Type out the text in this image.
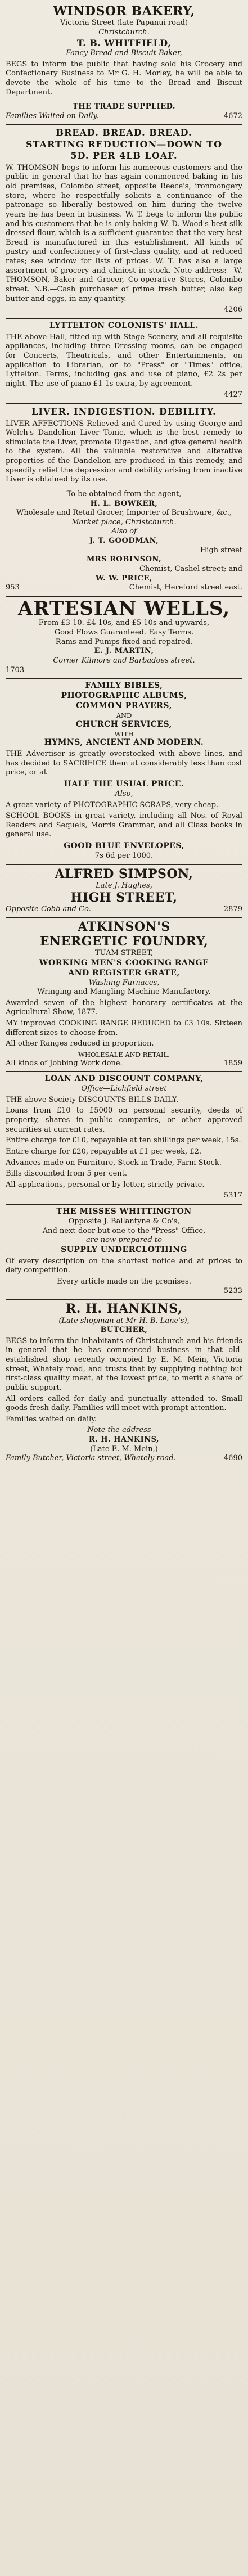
WINDSOR BAKERY,
Victoria Street (late Papanui road)
Christchurch.
T. B. WHITFIELD,
Fancy Bread and Biscuit Baker,
BEGS to inform the public that having sold his Grocery and Confectionery Business to Mr G. H. Morley, he will be able to devote the whole of his time to the Bread and Biscuit Department.
THE TRADE SUPPLIED.
Families Waited on Daily.	4672
BREAD. BREAD. BREAD.
STARTING REDUCTION—DOWN TO
5D. PER 4LB LOAF.
W. THOMSON begs to inform his numerous customers and the public in general that he has again commenced baking in his old premises, Colombo street, opposite Reece's, ironmongery store, where he respectfully solicits a continuance of the patronage so liberally bestowed on him during the twelve years he has been in business. W. T. begs to inform the public and his customers that he is only baking W. D. Wood's best silk dressed flour, which is a sufficient guarantee that the very best Bread is manufactured in this establishment. All kinds of pastry and confectionery of first-class quality, and at reduced rates; see window for lists of prices. W. T. has also a large assortment of grocery and cliniest in stock. Note address:—W. THOMSON, Baker and Grocer, Co-operative Stores, Colombo street. N.B.—Cash purchaser of prime fresh butter, also keg butter and eggs, in any quantity.
4206
LYTTELTON COLONISTS' HALL.
THE above Hall, fitted up with Stage Scenery, and all requisite appliances, including three Dressing rooms, can be engaged for Concerts, Theatricals, and other Entertainments, on application to Librarian, or to "Press" or "Times" office, Lyttelton. Terms, including gas and use of piano, £2 2s per night. The use of piano £1 1s extra, by agreement.
4427
LIVER. INDIGESTION. DEBILITY.
LIVER AFFECTIONS Relieved and Cured by using George and Welch's Dandelion Liver Tonic, which is the best remedy to stimulate the Liver, promote Digestion, and give general health to the system. All the valuable restorative and alterative properties of the Dandelion are produced in this remedy, and speedily relief the depression and debility arising from inactive Liver is obtained by its use.
To be obtained from the agent,
H. L. BOWKER,
Wholesale and Retail Grocer, Importer of Brushware, &c.,
Market place, Christchurch.
Also of
J. T. GOODMAN,
High street
MRS ROBINSON,
Chemist, Cashel street; and
W. W. PRICE,
953	Chemist, Hereford street east.
ARTESIAN WELLS,
From £3 10. £4 10s, and £5 10s and upwards,
Good Flows Guaranteed. Easy Terms.
Rams and Pumps fixed and repaired.
E. J. MARTIN,
Corner Kilmore and Barbadoes street.
1703
FAMILY BIBLES,
PHOTOGRAPHIC ALBUMS,
COMMON PRAYERS,
AND
CHURCH SERVICES,
WITH
HYMNS, ANCIENT AND MODERN.
THE Advertiser is greatly overstocked with above lines, and has decided to SACRIFICE them at considerably less than cost price, or at
HALF THE USUAL PRICE.
Also,
A great variety of PHOTOGRAPHIC SCRAPS, very cheap.
SCHOOL BOOKS in great variety, including all Nos. of Royal Readers and Sequels, Morris Grammar, and all Class books in general use.
GOOD BLUE ENVELOPES,
7s 6d per 1000.
ALFRED SIMPSON,
Late J. Hughes,
HIGH STREET,
Opposite Cobb and Co.	2879
ATKINSON'S
ENERGETIC FOUNDRY,
TUAM STREET,
WORKING MEN'S COOKING RANGE
AND REGISTER GRATE,
Washing Furnaces,
Wringing and Mangling Machine Manufactory.
Awarded seven of the highest honorary certificates at the Agricultural Show, 1877.
MY improved COOKING RANGE REDUCED to £3 10s. Sixteen different sizes to choose from.
All other Ranges reduced in proportion.
WHOLESALE AND RETAIL.
All kinds of Jobbing Work done.	1859
LOAN AND DISCOUNT COMPANY,
Office—Lichfield street
THE above Society DISCOUNTS BILLS DAILY.
Loans from £10 to £5000 on personal security, deeds of property, shares in public companies, or other approved securities at current rates.
Entire charge for £10, repayable at ten shillings per week, 15s.
Entire charge for £20, repayable at £1 per week, £2.
Advances made on Furniture, Stock-in-Trade, Farm Stock.
Bills discounted from 5 per cent.
All applications, personal or by letter, strictly private.
5317
THE MISSES WHITTINGTON
Opposite J. Ballantyne & Co's,
And next-door but one to the "Press" Office,
are now prepared to
SUPPLY UNDERCLOTHING
Of every description on the shortest notice and at prices to defy competition.
Every article made on the premises.
5233
R. H. HANKINS,
(Late shopman at Mr H. B. Lane's),
BUTCHER,
BEGS to inform the inhabitants of Christchurch and his friends in general that he has commenced business in that old-established shop recently occupied by E. M. Mein, Victoria street, Whately road, and trusts that by supplying nothing but first-class quality meat, at the lowest price, to merit a share of public support.
All orders called for daily and punctually attended to. Small goods fresh daily. Families will meet with prompt attention.
Families waited on daily.
Note the address —
R. H. HANKINS,
(Late E. M. Mein,)
Family Butcher, Victoria street, Whately road.	4690
